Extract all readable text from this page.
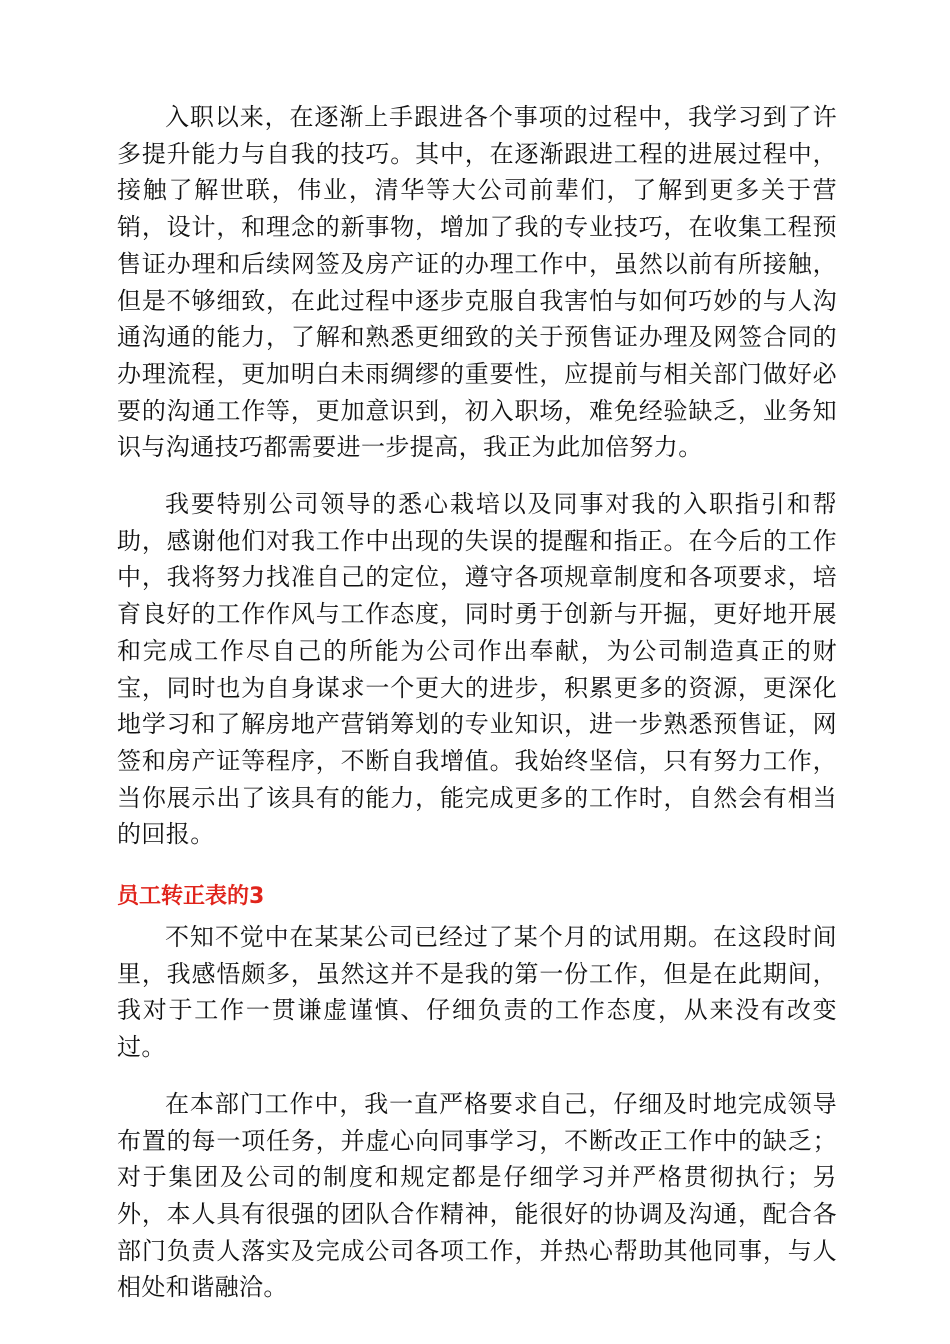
入职以来，在逐渐上手跟进各个事项的过程中，我学习到了许多提升能力与自我的技巧。其中，在逐渐跟进工程的进展过程中，接触了解世联，伟业，清华等大公司前辈们，了解到更多关于营销，设计，和理念的新事物，增加了我的专业技巧，在收集工程预售证办理和后续网签及房产证的办理工作中，虽然以前有所接触，但是不够细致，在此过程中逐步克服自我害怕与如何巧妙的与人沟通沟通的能力，了解和熟悉更细致的关于预售证办理及网签合同的办理流程，更加明白未雨绸缪的重要性，应提前与相关部门做好必要的沟通工作等，更加意识到，初入职场，难免经验缺乏，业务知识与沟通技巧都需要进一步提高，我正为此加倍努力。

我要特别公司领导的悉心栽培以及同事对我的入职指引和帮助，感谢他们对我工作中出现的失误的提醒和指正。在今后的工作中，我将努力找准自己的定位，遵守各项规章制度和各项要求，培育良好的工作作风与工作态度，同时勇于创新与开掘，更好地开展和完成工作尽自己的所能为公司作出奉献，为公司制造真正的财宝，同时也为自身谋求一个更大的进步，积累更多的资源，更深化地学习和了解房地产营销筹划的专业知识，进一步熟悉预售证，网签和房产证等程序，不断自我增值。我始终坚信，只有努力工作，当你展示出了该具有的能力，能完成更多的工作时，自然会有相当的回报。

员工转正表的3

不知不觉中在某某公司已经过了某个月的试用期。在这段时间里，我感悟颇多，虽然这并不是我的第一份工作，但是在此期间，我对于工作一贯谦虚谨慎、仔细负责的工作态度，从来没有改变过。

在本部门工作中，我一直严格要求自己，仔细及时地完成领导布置的每一项任务，并虚心向同事学习，不断改正工作中的缺乏；对于集团及公司的制度和规定都是仔细学习并严格贯彻执行；另外，本人具有很强的团队合作精神，能很好的协调及沟通，配合各部门负责人落实及完成公司各项工作，并热心帮助其他同事，与人相处和谐融洽。
